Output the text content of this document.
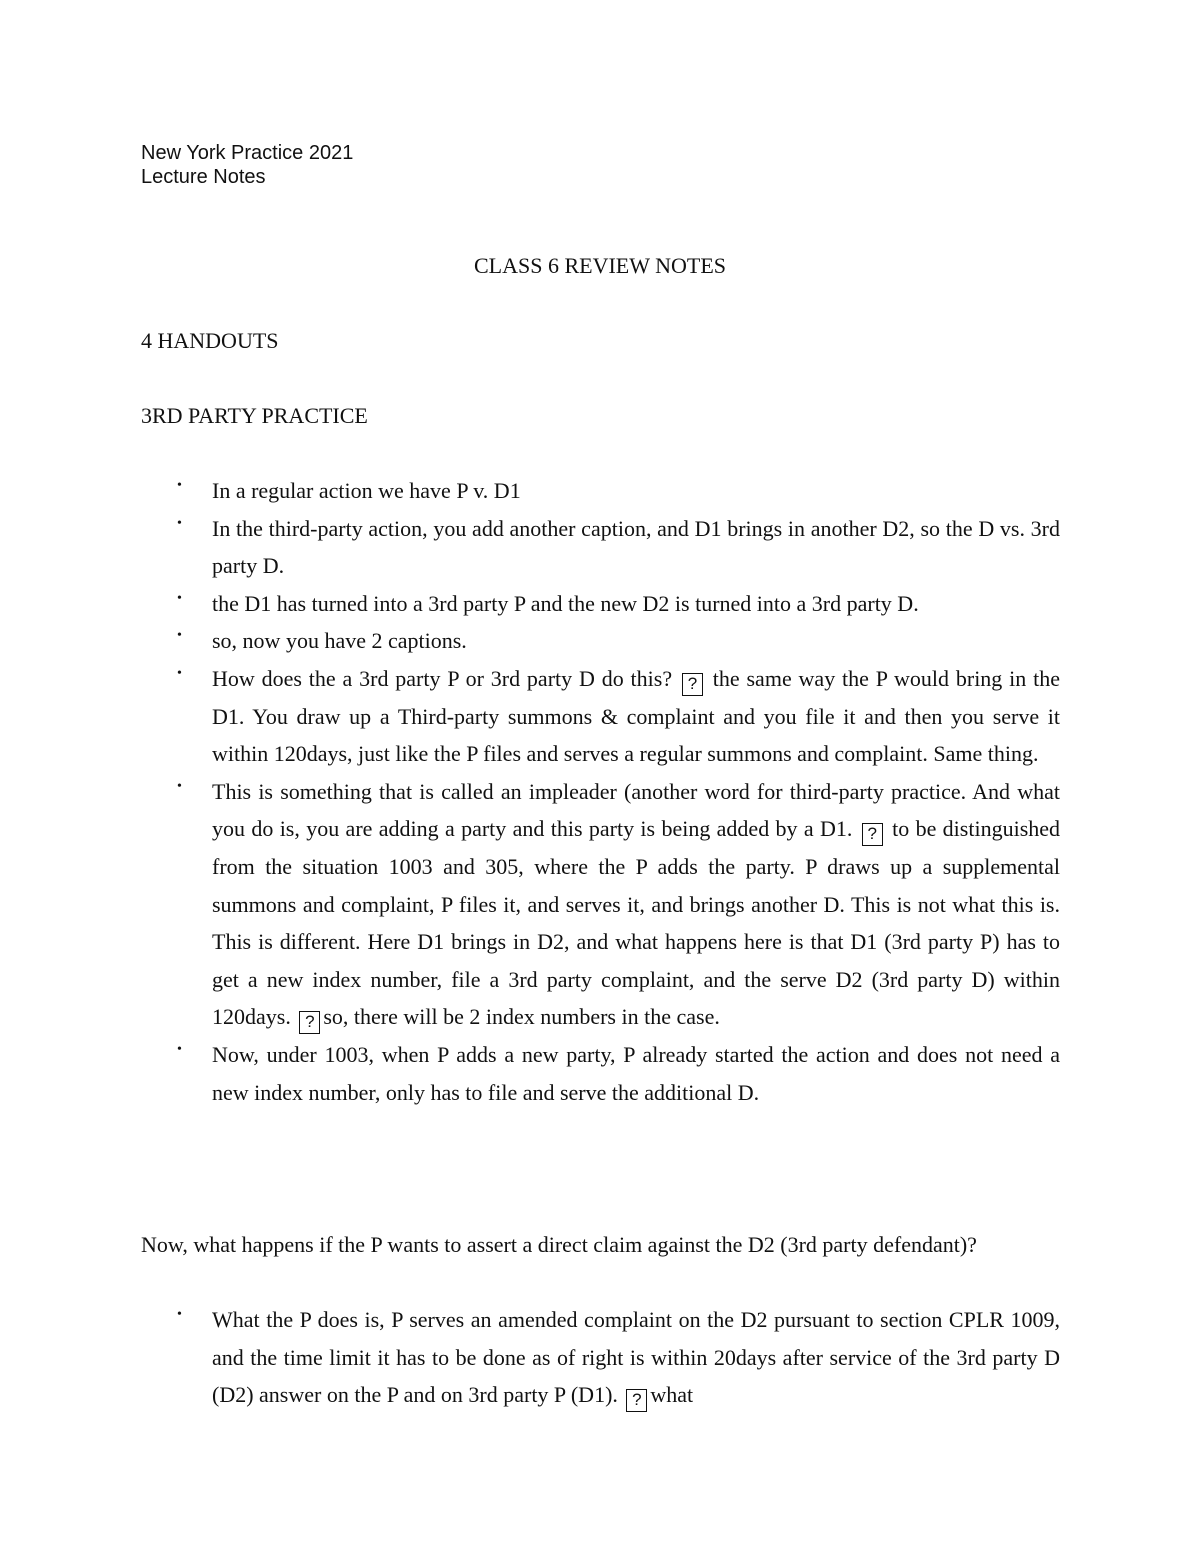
New York Practice 2021
Lecture Notes
CLASS 6 REVIEW NOTES
4 HANDOUTS
3RD PARTY PRACTICE
• In a regular action we have P v. D1
• In the third-party action, you add another caption, and D1 brings in another D2, so the D vs. 3rd party D.
• the D1 has turned into a 3rd party P and the new D2 is turned into a 3rd party D.
• so, now you have 2 captions.
• How does the a 3rd party P or 3rd party D do this? ? the same way the P would bring in the D1. You draw up a Third-party summons & complaint and you file it and then you serve it within 120days, just like the P files and serves a regular summons and complaint. Same thing.
• This is something that is called an impleader (another word for third-party practice. And what you do is, you are adding a party and this party is being added by a D1. ? to be distinguished from the situation 1003 and 305, where the P adds the party. P draws up a supplemental summons and complaint, P files it, and serves it, and brings another D. This is not what this is. This is different. Here D1 brings in D2, and what happens here is that D1 (3rd party P) has to get a new index number, file a 3rd party complaint, and the serve D2 (3rd party D) within 120days. ? so, there will be 2 index numbers in the case.
• Now, under 1003, when P adds a new party, P already started the action and does not need a new index number, only has to file and serve the additional D.
Now, what happens if the P wants to assert a direct claim against the D2 (3rd party defendant)?
• What the P does is, P serves an amended complaint on the D2 pursuant to section CPLR 1009, and the time limit it has to be done as of right is within 20days after service of the 3rd party D (D2) answer on the P and on 3rd party P (D1). ? what
